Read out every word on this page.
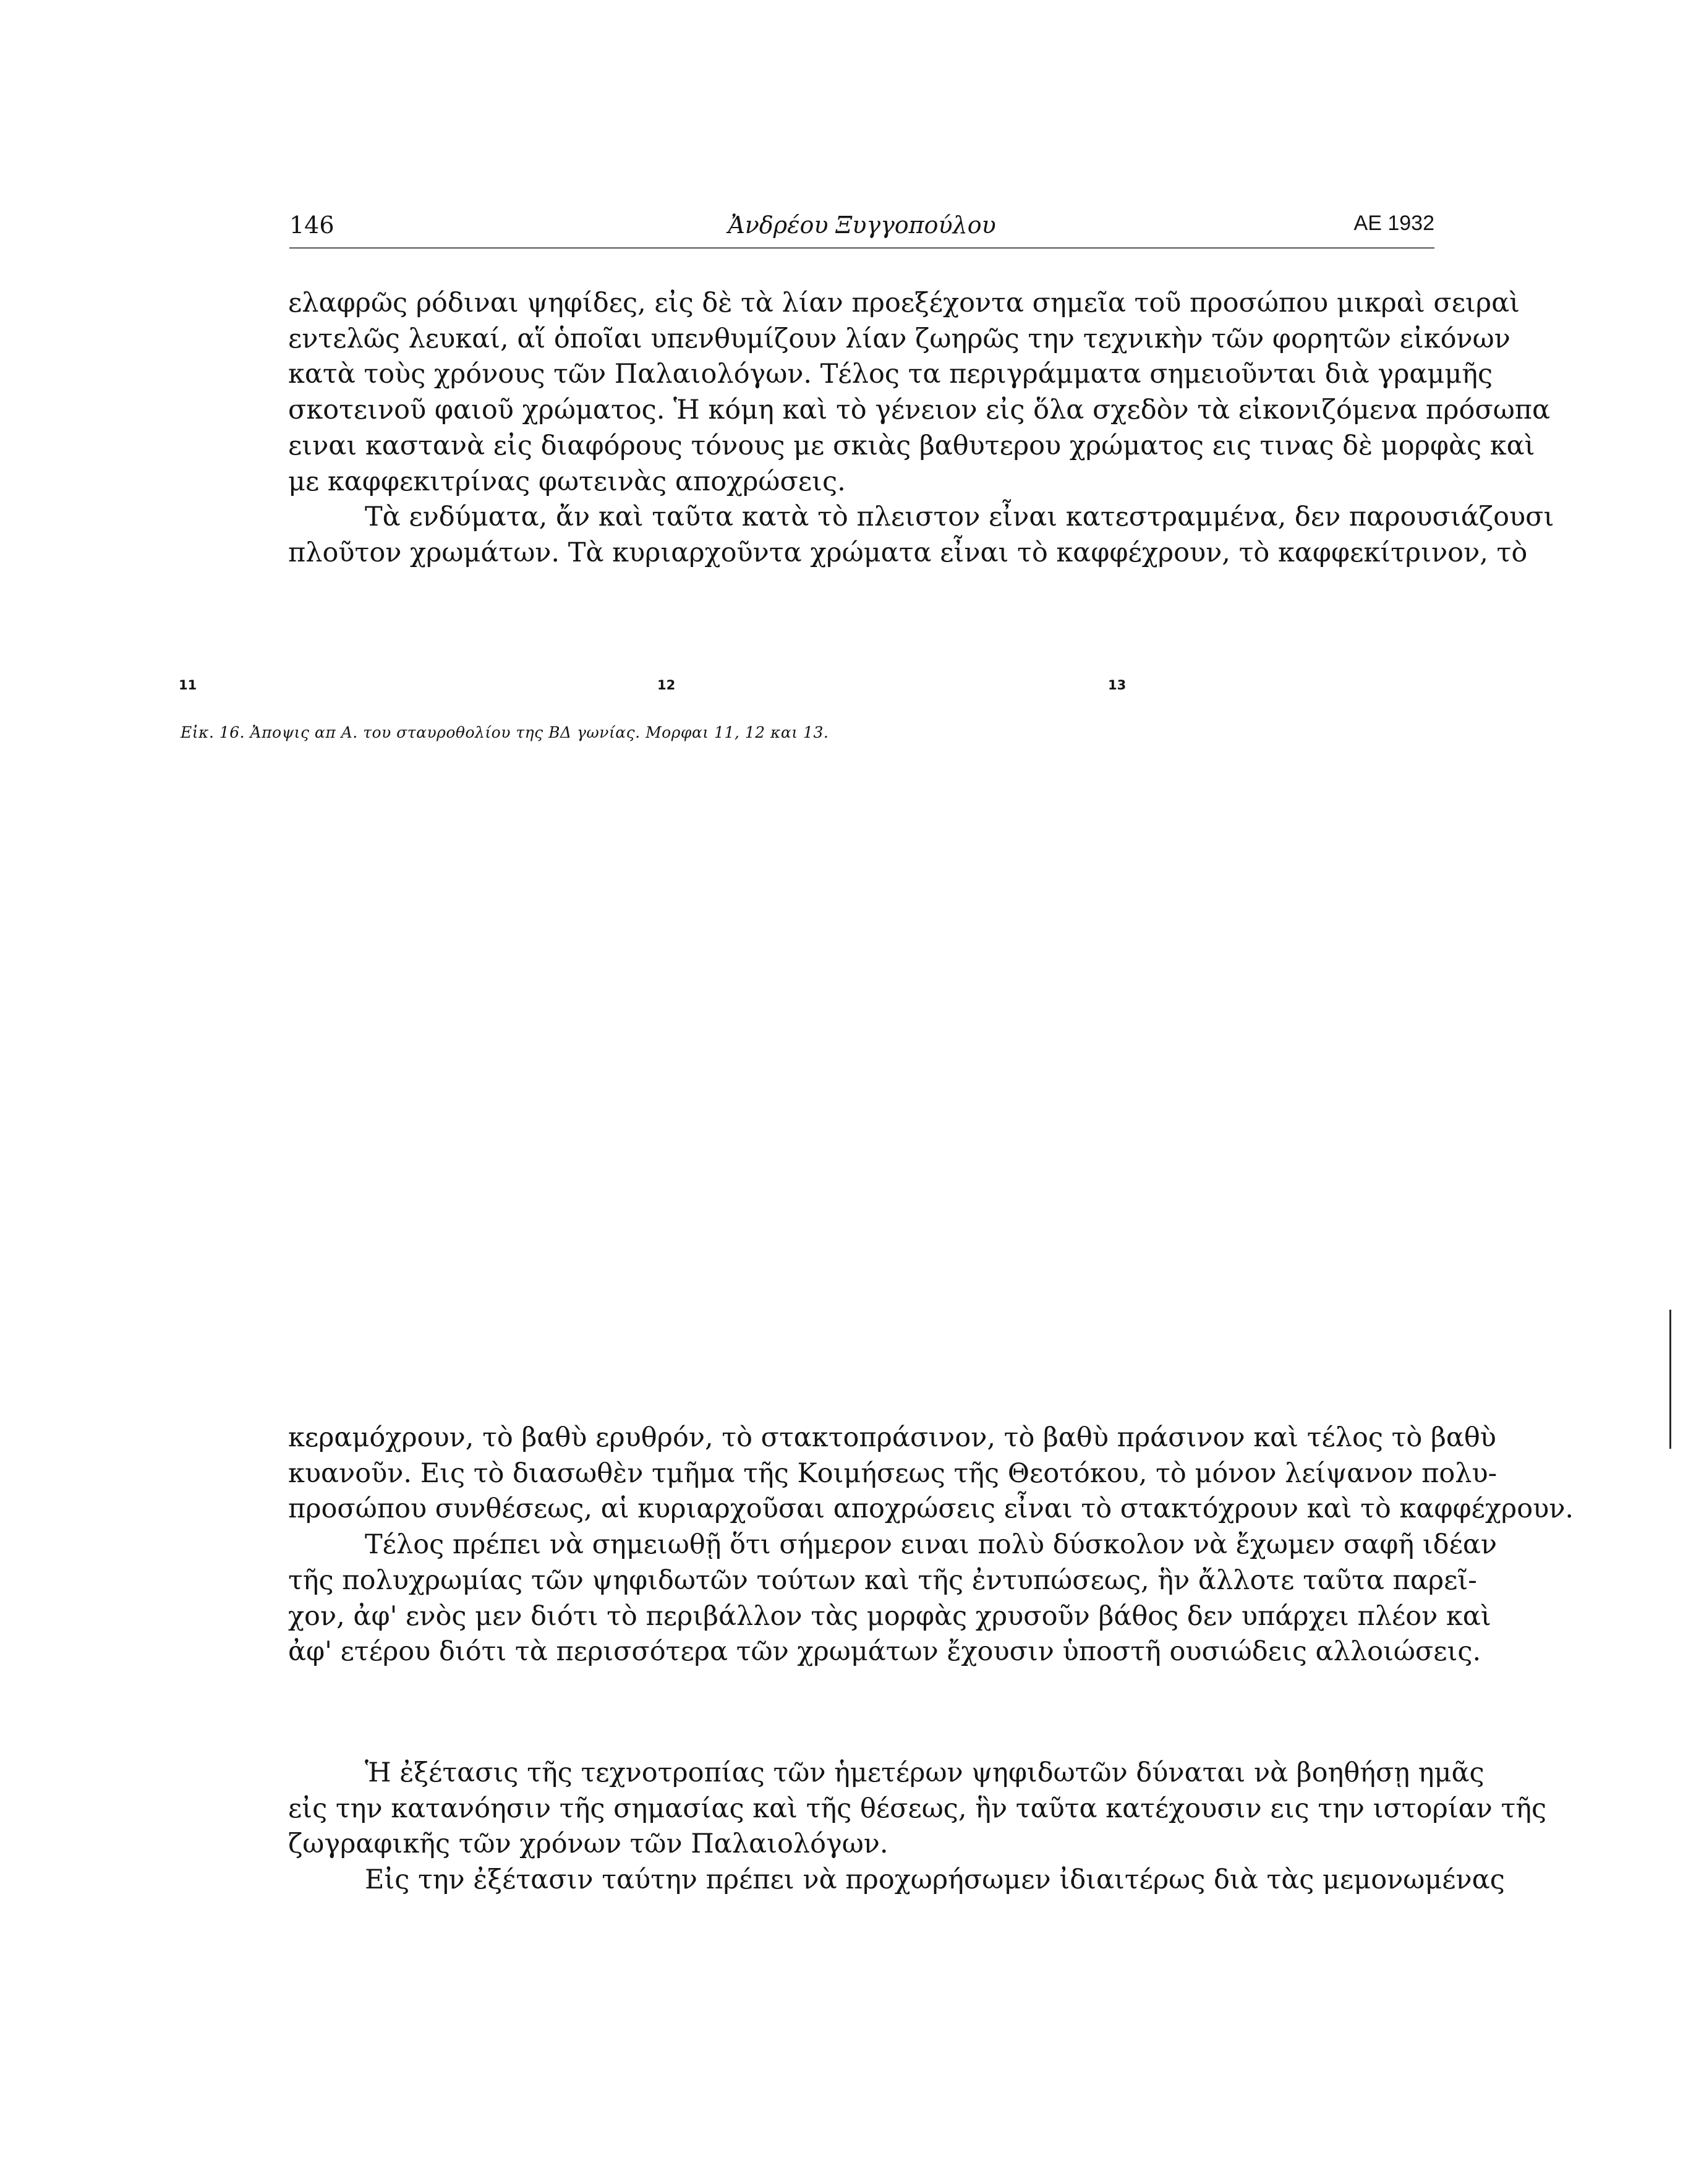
146	Ἀνδρέου Ξυγγοπούλου	ΑΕ 1932
ελαφρῶς ρόδιναι ψηφίδες, εἰς δὲ τὰ λίαν προεξέχοντα σημεῖα τοῦ προσώπου μικραὶ σειραὶ
εντελῶς λευκαί, αἵ ὁποῖαι υπενθυμίζουν λίαν ζωηρῶς την τεχνικὴν τῶν φορητῶν εἰκόνων
κατὰ τοὺς χρόνους τῶν Παλαιολόγων. Τέλος τα περιγράμματα σημειοῦνται διὰ γραμμῆς
σκοτεινοῦ φαιοῦ χρώματος. Ἡ κόμη καὶ τὸ γένειον εἰς ὅλα σχεδὸν τὰ εἰκονιζόμενα πρόσωπα
ειναι καστανὰ εἰς διαφόρους τόνους με σκιὰς βαθυτερου χρώματος εις τινας δὲ μορφὰς καὶ
με καφφεκιτρίνας φωτεινὰς αποχρώσεις.
Τὰ ενδύματα, ἄν καὶ ταῦτα κατὰ τὸ πλειστον εἶναι κατεστραμμένα, δεν παρουσιάζουσι
πλοῦτον χρωμάτων. Τὰ κυριαρχοῦντα χρώματα εἶναι τὸ καφφέχρουν, τὸ καφφεκίτρινον, τὸ
11	12	13
Εἰκ. 16. Ἀποψις απ Α. του σταυροθολίου της ΒΔ γωνίας. Μορφαι 11, 12 και 13.
κεραμόχρουν, τὸ βαθὺ ερυθρόν, τὸ στακτοπράσινον, τὸ βαθὺ πράσινον καὶ τέλος τὸ βαθὺ
κυανοῦν. Εις τὸ διασωθὲν τμῆμα τῆς Κοιμήσεως τῆς Θεοτόκου, τὸ μόνον λείψανον πολυ-
προσώπου συνθέσεως, αἱ κυριαρχοῦσαι αποχρώσεις εἶναι τὸ στακτόχρουν καὶ τὸ καφφέχρουν.
Τέλος πρέπει νὰ σημειωθῇ ὅτι σήμερον ειναι πολὺ δύσκολον νὰ ἔχωμεν σαφῆ ιδέαν
τῆς πολυχρωμίας τῶν ψηφιδωτῶν τούτων καὶ τῆς ἐντυπώσεως, ἣν ἄλλοτε ταῦτα παρεῖ-
χον, ἀφ' ενὸς μεν διότι τὸ περιβάλλον τὰς μορφὰς χρυσοῦν βάθος δεν υπάρχει πλέον καὶ
ἀφ' ετέρου διότι τὰ περισσότερα τῶν χρωμάτων ἔχουσιν ὑποστῆ ουσιώδεις αλλοιώσεις.
Ἡ ἐξέτασις τῆς τεχνοτροπίας τῶν ἡμετέρων ψηφιδωτῶν δύναται νὰ βοηθήσῃ ημᾶς
εἰς την κατανόησιν τῆς σημασίας καὶ τῆς θέσεως, ἣν ταῦτα κατέχουσιν εις την ιστορίαν τῆς
ζωγραφικῆς τῶν χρόνων τῶν Παλαιολόγων.
Εἰς την ἐξέτασιν ταύτην πρέπει νὰ προχωρήσωμεν ἰδιαιτέρως διὰ τὰς μεμονωμένας
